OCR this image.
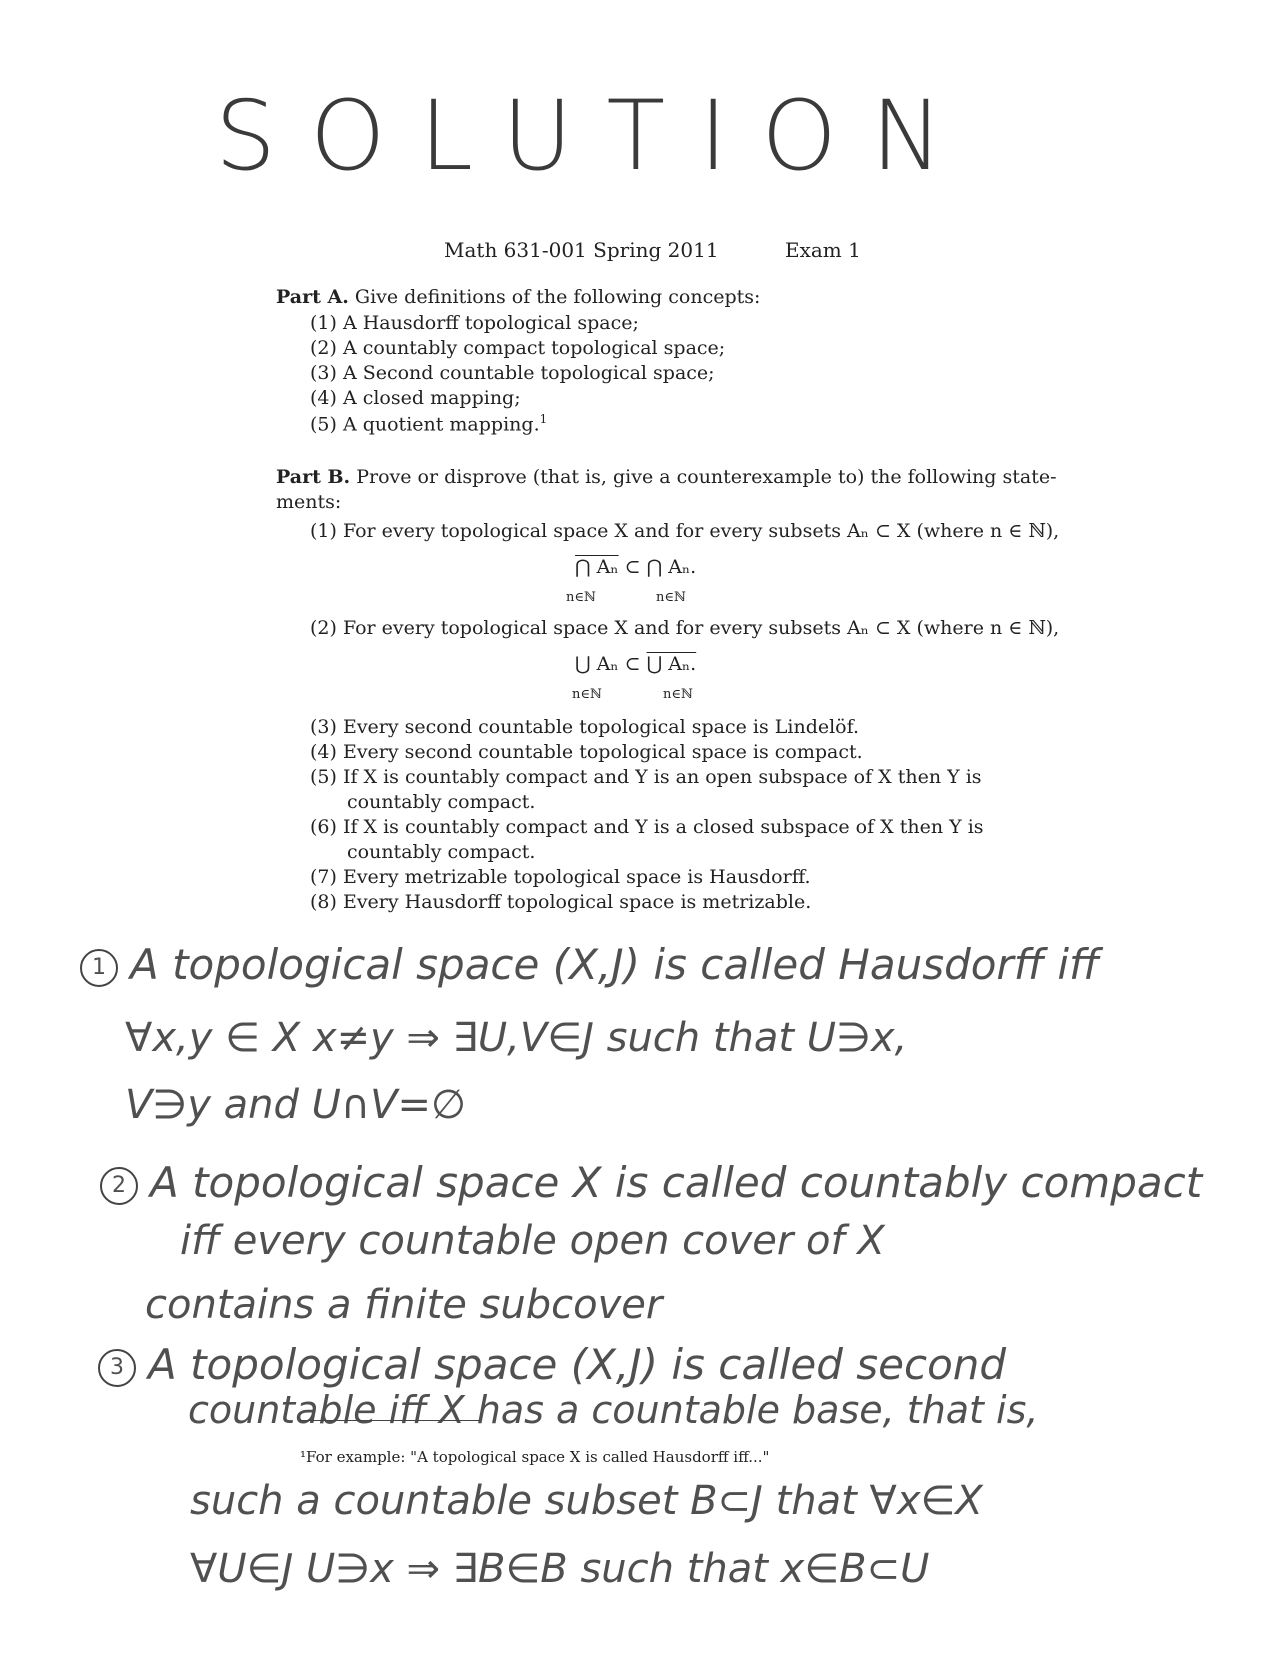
SOLUTION
Math 631-001 Spring 2011	Exam 1
Part A. Give definitions of the following concepts:
(1) A Hausdorff topological space;
(2) A countably compact topological space;
(3) A Second countable topological space;
(4) A closed mapping;
(5) A quotient mapping.$^1$
Part B. Prove or disprove (that is, give a counterexample to) the following state-
ments:
(1) For every topological space X and for every subsets Aₙ ⊂ X (where n ∈ ℕ),
⋂ Aₙ ⊂ ⋂ Aₙ.
n∈ℕ	n∈ℕ
(2) For every topological space X and for every subsets Aₙ ⊂ X (where n ∈ ℕ),
⋃ Aₙ ⊂ ⋃ Aₙ.
n∈ℕ	n∈ℕ
(3) Every second countable topological space is Lindelöf.
(4) Every second countable topological space is compact.
(5) If X is countably compact and Y is an open subspace of X then Y is
countably compact.
(6) If X is countably compact and Y is a closed subspace of X then Y is
countably compact.
(7) Every metrizable topological space is Hausdorff.
(8) Every Hausdorff topological space is metrizable.
1 A topological space (X,J) is called Hausdorff iff
∀x,y ∈ X x≠y ⇒ ∃U,V∈J such that U∋x,
V∋y and U∩V=∅
2 A topological space X is called countably compact
iff every countable open cover of X
contains a finite subcover
3 A topological space (X,J) is called second
countable iff X has a countable base, that is,
¹For example: "A topological space X is called Hausdorff iff..."
such a countable subset B⊂J that ∀x∈X
∀U∈J U∋x ⇒ ∃B∈B such that x∈B⊂U
